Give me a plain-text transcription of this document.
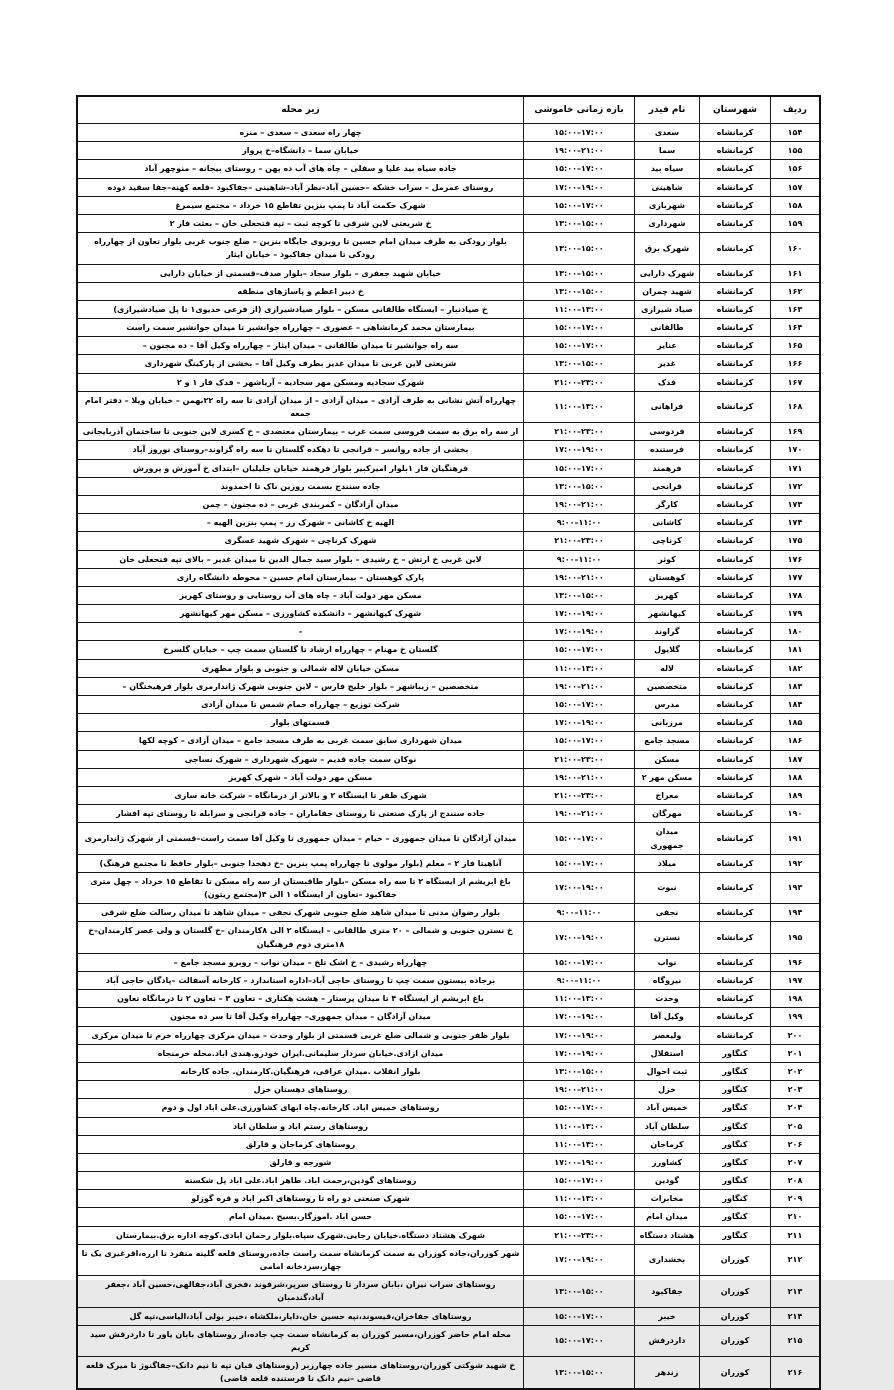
ردیف	شهرستان	نام فیدر	بازه زمانی خاموشی	زیر محله
۱۵۴	کرمانشاه	سعدی	۱۵:۰۰–۱۷:۰۰	چهار راه سعدی – سعدی – منزه
۱۵۵	کرمانشاه	سما	۱۹:۰۰–۲۱:۰۰	خیابان سما – دانشگاه–خ پرواز
۱۵۶	کرمانشاه	سیاه بید	۱۵:۰۰–۱۷:۰۰	جاده سیاه بید علیا و سفلی – چاه های آب ده پهن – روستای بیجانه – منوچهر آباد
۱۵۷	کرمانشاه	شاهینی	۱۷:۰۰–۱۹:۰۰	روستای عمرمل – سراب خشکه –حسین آباد–نظر آباد–شاهینی –جفاکبود –قلعه کهنه–جفا سفید دوده
۱۵۸	کرمانشاه	شهربازی	۱۵:۰۰–۱۷:۰۰	شهرک حکمت آباد تا پمپ بنزین تقاطع ۱۵ خرداد – مجتمع سیمرغ
۱۵۹	کرمانشاه	شهرداری	۱۳:۰۰–۱۵:۰۰	خ شریعتی لاین شرقی تا کوچه ثبت – تپه فتحعلی خان – بعثت فاز ۲
۱۶۰	کرمانشاه	شهرک برق	۱۳:۰۰–۱۵:۰۰	بلوار رودکی به طرف میدان امام حسین تا روبروی جایگاه بنزین – ضلع جنوب غربی بلوار تعاون از چهارراه رودکی تا میدان جفاکبود – خیابان ایثار
۱۶۱	کرمانشاه	شهرک دارایی	۱۳:۰۰–۱۵:۰۰	خیابان شهید جعفری – بلوار سجاد –بلوار صدف–قسمتی از خیابان دارایی
۱۶۲	کرمانشاه	شهید چمران	۱۳:۰۰–۱۵:۰۰	خ دبیر اعظم و پاساژهای منطقه
۱۶۳	کرمانشاه	صیاد شیرازی	۱۱:۰۰–۱۳:۰۰	خ صیادنبار – ایستگاه طالقانی مسکن – بلوار صیادشیرازی (از فرعی خدیوی۱ تا پل صیادشیرازی)
۱۶۴	کرمانشاه	طالقانی	۱۵:۰۰–۱۷:۰۰	بیمارستان محمد کرمانشاهی – عصوری – چهارراه جوانشیر تا میدان جوانشیر سمت راست
۱۶۵	کرمانشاه	عنایر	۱۵:۰۰–۱۷:۰۰	سه راه جوانشیر تا میدان طالقانی – میدان ایثار – چهارراه وکیل آقا – ده مجنون –
۱۶۶	کرمانشاه	غدیر	۱۳:۰۰–۱۵:۰۰	شریعتی لاین غربی تا میدان غدیر بطرف وکیل آقا – بخشی از پارکینگ شهرداری
۱۶۷	کرمانشاه	فدک	۲۱:۰۰–۲۳:۰۰	شهرک سجادیه ومسکن مهر سجادیه – آریاشهر – فدک فاز ۱ و ۲
۱۶۸	کرمانشاه	فراهانی	۱۱:۰۰–۱۳:۰۰	چهارراه آتش نشانی به طرف آزادی – میدان آزادی – از میدان آزادی تا سه راه ۲۲بهمن – خیابان ویلا – دفتر امام جمعه
۱۶۹	کرمانشاه	فردوسی	۲۱:۰۰–۲۳:۰۰	از سه راه برق به سمت فروسی سمت غرب – بیمارستان معتضدی – خ کسری لاین جنوبی تا ساختمان آذربایجانی
۱۷۰	کرمانشاه	فرستنده	۱۷:۰۰–۱۹:۰۰	بخشی از جاده روانسر – قرانجی تا دهکده گلستان تا سه راه گراوند–روستای نوروز آباد
۱۷۱	کرمانشاه	فرهمند	۱۵:۰۰–۱۷:۰۰	فرهنگیان فاز ۱بلوار امیرکبیر بلوار فرهمند خیابان جلیلیان –ابتدای خ آموزش و پرورش
۱۷۲	کرمانشاه	قرانجی	۱۳:۰۰–۱۵:۰۰	جاده سنندج بسمت روزین ناک تا احمدوند
۱۷۳	کرمانشاه	کارگر	۱۹:۰۰–۲۱:۰۰	میدان آزادگان – کمربندی غربی – ده مجنون – چمن
۱۷۴	کرمانشاه	کاشانی	۹:۰۰–۱۱:۰۰	الهیه خ کاشانی – شهرک رز – پمپ بنزین الهیه –
۱۷۵	کرمانشاه	کرناچی	۲۱:۰۰–۲۳:۰۰	شهرک کرناچی – شهرک شهید عسگری
۱۷۶	کرمانشاه	کوثر	۹:۰۰–۱۱:۰۰	لاین غربی خ ارتش – خ رشیدی – بلوار سید جمال الدین تا میدان غدیر – بالای تپه فتحعلی خان
۱۷۷	کرمانشاه	کوهستان	۱۹:۰۰–۲۱:۰۰	پارک کوهستان – بیمارستان امام حسین – محوطه دانشگاه رازی
۱۷۸	کرمانشاه	کهریز	۱۳:۰۰–۱۵:۰۰	مسکن مهر دولت آباد – چاه های آب روستایی و روستای کهریز
۱۷۹	کرمانشاه	کیهانشهر	۱۷:۰۰–۱۹:۰۰	شهرک کیهانشهر – دانشکده کشاورزی – مسکن مهر کیهانشهر
۱۸۰	کرمانشاه	گراوند	۱۷:۰۰–۱۹:۰۰	-
۱۸۱	کرمانشاه	گلایول	۱۵:۰۰–۱۷:۰۰	گلستان خ مهنام – چهارراه ارشاد تا گلستان سمت چپ – خیابان گلسرخ
۱۸۲	کرمانشاه	لاله	۱۱:۰۰–۱۳:۰۰	مسکن خیابان لاله شمالی و جنوبی و بلوار مطهری
۱۸۳	کرمانشاه	متخصصین	۱۹:۰۰–۲۱:۰۰	متخصصین – زیباشهر – بلوار خلیج فارس – لاین جنوبی شهرک ژاندارمری بلوار فرهیختگان –
۱۸۴	کرمانشاه	مدرس	۱۵:۰۰–۱۷:۰۰	شرکت توزیع – چهارراه حمام شمس تا میدان آزادی
۱۸۵	کرمانشاه	مرزبانی	۱۷:۰۰–۱۹:۰۰	قسمتهای بلوار
۱۸۶	کرمانشاه	مسجد جامع	۱۵:۰۰–۱۷:۰۰	میدان شهرداری سابق سمت غربی به طرف مسجد جامع – میدان آزادی – کوچه لکها
۱۸۷	کرمانشاه	مسکن	۲۱:۰۰–۲۳:۰۰	نوکان سمت جاده قدیم – شهرک شهرداری – شهرک نساجی
۱۸۸	کرمانشاه	مسکن مهر ۲	۱۹:۰۰–۲۱:۰۰	مسکن مهر دولت آباد – شهرک کهریز
۱۸۹	کرمانشاه	معراج	۲۱:۰۰–۲۳:۰۰	شهرک ظفر تا ایستگاه ۲ و بالاتر از درمانگاه – شرکت خانه سازی
۱۹۰	کرمانشاه	مهرگان	۱۹:۰۰–۲۱:۰۰	جاده سنندج از پارک صنعتی تا روستای جفاماران – جاده قرانجی و سرابله تا روستای تپه افشار
۱۹۱	کرمانشاه	میدان جمهوری	۱۵:۰۰–۱۷:۰۰	میدان آزادگان تا میدان جمهوری – خیام – میدان جمهوری تا وکیل آقا سمت راست–قسمتی از شهرک ژاندارمری
۱۹۲	کرمانشاه	میلاد	۱۵:۰۰–۱۷:۰۰	آناهیتا فاز ۲ – معلم (بلوار مولوی تا چهارراه پمپ بنزین –خ دهخدا جنوبی –بلوار حافظ تا مجتمع فرهنگ)
۱۹۳	کرمانشاه	نبوت	۱۷:۰۰–۱۹:۰۰	باغ ابریشم از ایستگاه ۲ تا سه راه مسکن –بلوار طاقبستان از سه راه مسکن تا تقاطع ۱۵ خرداد – چهل متری جفاکبود –تعاون از ایستگاه ۱ الی ۴(مجتمع زیتون)
۱۹۴	کرمانشاه	نجفی	۹:۰۰–۱۱:۰۰	بلوار رضوان مدنی تا میدان شاهد ضلع جنوبی شهرک نجفی – میدان شاهد تا میدان رسالت ضلع شرقی
۱۹۵	کرمانشاه	نسترن	۱۷:۰۰–۱۹:۰۰	خ نسترن جنوبی و شمالی – ۲۰ متری طالقانی – ایستگاه ۲ الی ۸کارمندان –خ گلستان و ولی عصر کارمندان–خ ۱۸متری دوم فرهنگیان
۱۹۶	کرمانشاه	نواب	۱۵:۰۰–۱۷:۰۰	چهارراه رشیدی – خ اشک تلخ – میدان نواب – روبرو مسجد جامع –
۱۹۷	کرمانشاه	نیروگاه	۹:۰۰–۱۱:۰۰	برجاده بیستون سمت چپ تا روستای حاجی آباد–اداره استاندارد – کارخانه آسفالت –پادگان حاجی آباد
۱۹۸	کرمانشاه	وحدت	۱۱:۰۰–۱۳:۰۰	باغ ابریشم از ایستگاه ۴ تا میدان پرستار – هشت هکتاری – تعاون ۳ – تعاون ۲ تا درمانگاه تعاون
۱۹۹	کرمانشاه	وکیل آقا	۱۷:۰۰–۱۹:۰۰	میدان آزادگان – میدان جمهوری– چهارراه وکیل آقا تا سر ده مجنون
۲۰۰	کرمانشاه	ولیعصر	۱۷:۰۰–۱۹:۰۰	بلوار ظفر جنوبی و شمالی ضلع غربی قسمتی از بلوار وحدت – میدان مرکزی چهارراه خرم تا میدان مرکزی
۲۰۱	کنگاور	استقلال	۱۷:۰۰–۱۹:۰۰	میدان ازادی.خیابان سردار سلیمانی.ایران خودرو.هندی اباد.محله خرمنجاه
۲۰۲	کنگاور	ثبت احوال	۱۳:۰۰–۱۵:۰۰	بلوار انقلاب .میدان عراقی، فرهنگیان.کارمندان. جاده کارخانه
۲۰۳	کنگاور	خزل	۱۹:۰۰–۲۱:۰۰	روستاهای دهستان خزل
۲۰۴	کنگاور	خمیس آباد	۱۵:۰۰–۱۷:۰۰	روستاهای خمیس اباد. کارخانه.چاه ابهای کشاورزی.علی اباد اول و دوم
۲۰۵	کنگاور	سلطان آباد	۱۱:۰۰–۱۳:۰۰	روستاهای رستم اباد و سلطان اباد
۲۰۶	کنگاور	کرماجان	۱۱:۰۰–۱۳:۰۰	روستاهای کرماجان و قارلق
۲۰۷	کنگاور	کشاورز	۱۷:۰۰–۱۹:۰۰	شورجه و قارلق
۲۰۸	کنگاور	گودین	۱۵:۰۰–۱۷:۰۰	روستاهای گودین،رحمت اباد. طاهر اباد.علی اباد پل شکسته
۲۰۹	کنگاور	مخابرات	۱۱:۰۰–۱۳:۰۰	شهرک صنعتی دو راه تا روستاهای اکبر اباد و قره گوزلو
۲۱۰	کنگاور	میدان امام	۱۵:۰۰–۱۷:۰۰	حسن اباد .اموزگار.بسیج .میدان امام
۲۱۱	کنگاور	هشتاد دستگاه	۲۱:۰۰–۲۳:۰۰	شهرک هشتاد دستگاه.خیابان رجایی.شهرک سپاه.بلوار رحمان ابادی.کوچه اداره برق.بیمارستان
۲۱۲	کوزران	بخشداری	۱۷:۰۰–۱۹:۰۰	شهر کوزران،جاده کوزران به سمت کرمانشاه سمت راست جاده،روستای قلعه گلینه منفرد تا ازره،اقرغیری یک تا چهار،سردخانه امامی
۲۱۳	کوزران	جفاکبود	۱۳:۰۰–۱۵:۰۰	روستاهای سراب نیران ،بابان سردار تا روستای سرپر،شرفوند ،فخری آباد،جفالهی،حسین آباد ،جعفر آباد،گندمبان
۲۱۴	کوزران	خیبر	۱۵:۰۰–۱۷:۰۰	روستاهای جفاخزان،قیسوند،تپه حسین خان،دایار،ملکشاه ،خیبر بولی آباد،الیاسی،تپه گل
۲۱۵	کوزران	داردرفش	۱۵:۰۰–۱۷:۰۰	محله امام حاضر کوزران،مسیر کوزران به کرمانشاه سمت چپ جاده،از روستاهای بابان یاور تا داردرفش سید کریم
۲۱۶	کوزران	زندهر	۱۳:۰۰–۱۵:۰۰	خ شهید شوکتی کوزران،روستاهای مسیر جاده چهارزبر (روستاهای قبان تپه تا نیم دانک–جفاگنوژ تا میرک قلعه قاضی –نیم دانک تا فرستنده قلعه قاضی)
